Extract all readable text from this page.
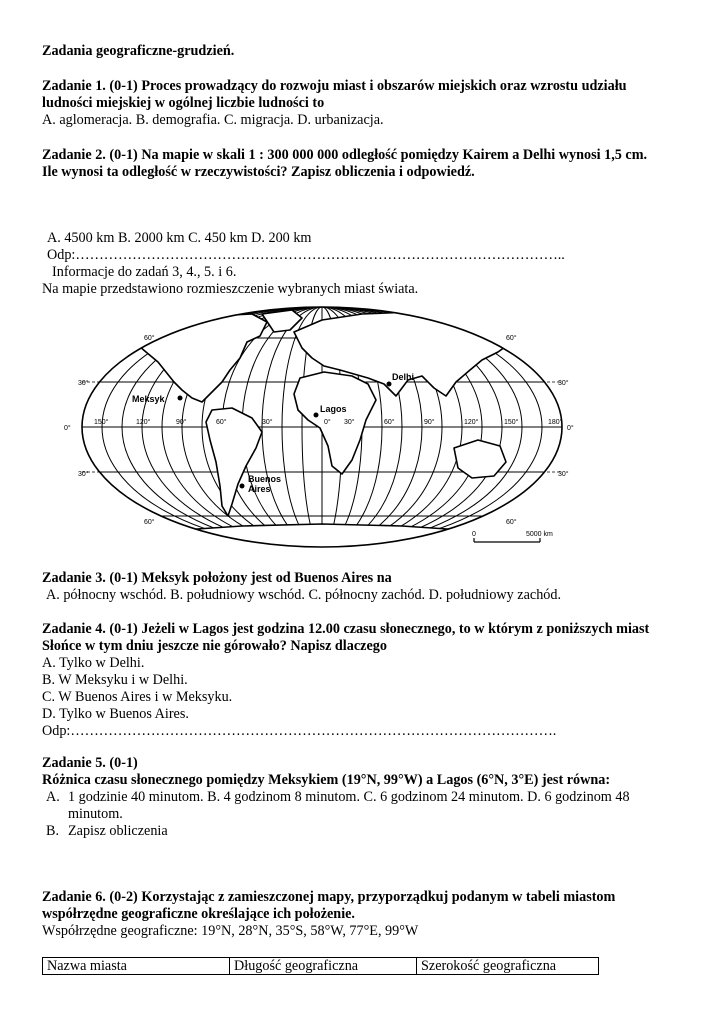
Zadania geograficzne-grudzień.
Zadanie 1. (0-1) Proces prowadzący do rozwoju miast i obszarów miejskich oraz wzrostu udziału
ludności miejskiej w ogólnej liczbie ludności to
A. aglomeracja. B. demografia. C. migracja. D. urbanizacja.
Zadanie 2. (0-1) Na mapie w skali 1 : 300 000 000 odległość pomiędzy Kairem a Delhi wynosi 1,5 cm.
Ile wynosi ta odległość w rzeczywistości? Zapisz obliczenia i odpowiedź.
A. 4500 km B. 2000 km C. 450 km D. 200 km
Odp:…………………………………………………………………………………………..
Informacje do zadań 3, 4., 5. i 6.
Na mapie przedstawiono rozmieszczenie wybranych miast świata.
Meksyk
Delhi
Lagos
Buenos
Aires
60°	60°
30°	30°
0°	0°
30°	30°
60°	60°
150°	120°	90°	60°	30°	0° 30°	60°	90°	120°	150°	180°
0	5000 km
Zadanie 3. (0-1) Meksyk położony jest od Buenos Aires na
A. północny wschód. B. południowy wschód. C. północny zachód. D. południowy zachód.
Zadanie 4. (0-1) Jeżeli w Lagos jest godzina 12.00 czasu słonecznego, to w którym z poniższych miast
Słońce w tym dniu jeszcze nie górowało? Napisz dlaczego
A. Tylko w Delhi.
B. W Meksyku i w Delhi.
C. W Buenos Aires i w Meksyku.
D. Tylko w Buenos Aires.
Odp:………………………………………………………………………………………….
Zadanie 5. (0-1)
Różnica czasu słonecznego pomiędzy Meksykiem (19°N, 99°W) a Lagos (6°N, 3°E) jest równa:
A. 1 godzinie 40 minutom. B. 4 godzinom 8 minutom. C. 6 godzinom 24 minutom. D. 6 godzinom 48
minutom.
B. Zapisz obliczenia
Zadanie 6. (0-2) Korzystając z zamieszczonej mapy, przyporządkuj podanym w tabeli miastom
współrzędne geograficzne określające ich położenie.
Współrzędne geograficzne: 19°N, 28°N, 35°S, 58°W, 77°E, 99°W
Nazwa miasta	Długość geograficzna	Szerokość geograficzna
